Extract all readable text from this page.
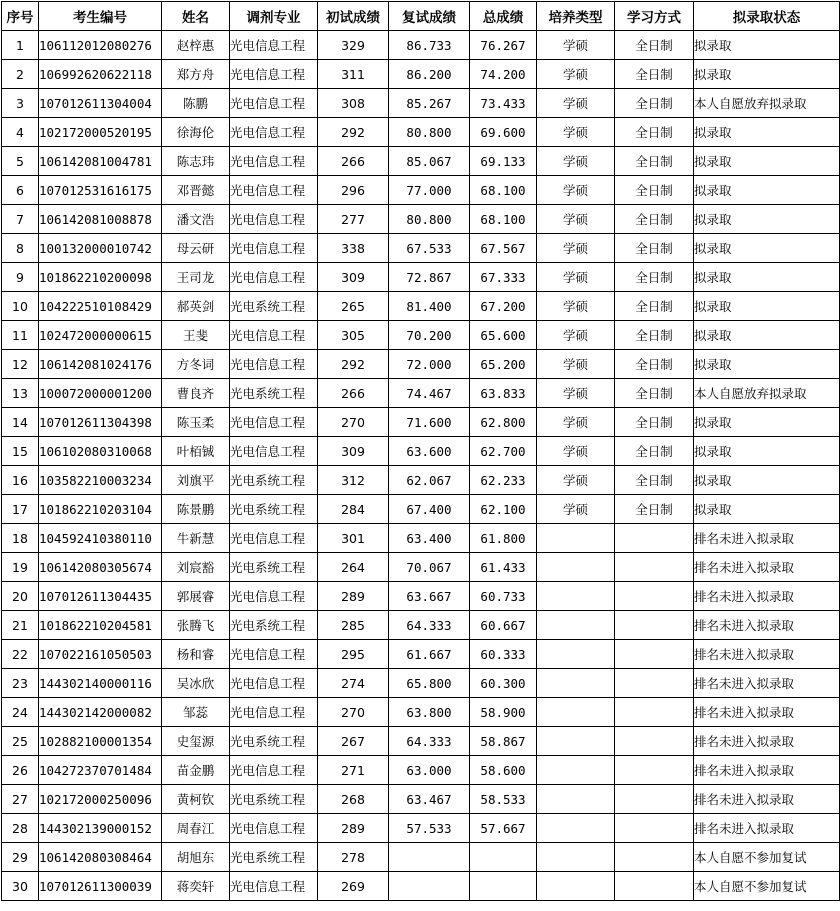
序号	考生编号	姓名	调剂专业	初试成绩	复试成绩	总成绩	培养类型	学习方式	拟录取状态
1	106112012080276	赵梓惠	光电信息工程	329	86.733	76.267	学硕	全日制	拟录取
2	106992620622118	郑方舟	光电信息工程	311	86.200	74.200	学硕	全日制	拟录取
3	107012611304004	陈鹏	光电信息工程	308	85.267	73.433	学硕	全日制	本人自愿放弃拟录取
4	102172000520195	徐海伦	光电信息工程	292	80.800	69.600	学硕	全日制	拟录取
5	106142081004781	陈志玮	光电信息工程	266	85.067	69.133	学硕	全日制	拟录取
6	107012531616175	邓晋懿	光电信息工程	296	77.000	68.100	学硕	全日制	拟录取
7	106142081008878	潘文浩	光电信息工程	277	80.800	68.100	学硕	全日制	拟录取
8	100132000010742	母云研	光电信息工程	338	67.533	67.567	学硕	全日制	拟录取
9	101862210200098	王司龙	光电信息工程	309	72.867	67.333	学硕	全日制	拟录取
10	104222510108429	郝英剑	光电系统工程	265	81.400	67.200	学硕	全日制	拟录取
11	102472000000615	王斐	光电信息工程	305	70.200	65.600	学硕	全日制	拟录取
12	106142081024176	方冬词	光电信息工程	292	72.000	65.200	学硕	全日制	拟录取
13	100072000001200	曹良齐	光电系统工程	266	74.467	63.833	学硕	全日制	本人自愿放弃拟录取
14	107012611304398	陈玉柔	光电信息工程	270	71.600	62.800	学硕	全日制	拟录取
15	106102080310068	叶栢铖	光电信息工程	309	63.600	62.700	学硕	全日制	拟录取
16	103582210003234	刘旗平	光电系统工程	312	62.067	62.233	学硕	全日制	拟录取
17	101862210203104	陈景鹏	光电系统工程	284	67.400	62.100	学硕	全日制	拟录取
18	104592410380110	牛新慧	光电信息工程	301	63.400	61.800			排名未进入拟录取
19	106142080305674	刘宸豁	光电系统工程	264	70.067	61.433			排名未进入拟录取
20	107012611304435	郭展睿	光电信息工程	289	63.667	60.733			排名未进入拟录取
21	101862210204581	张腾飞	光电系统工程	285	64.333	60.667			排名未进入拟录取
22	107022161050503	杨和睿	光电信息工程	295	61.667	60.333			排名未进入拟录取
23	144302140000116	吴冰欣	光电信息工程	274	65.800	60.300			排名未进入拟录取
24	144302142000082	邹蕊	光电信息工程	270	63.800	58.900			排名未进入拟录取
25	102882100001354	史玺源	光电系统工程	267	64.333	58.867			排名未进入拟录取
26	104272370701484	苗金鹏	光电信息工程	271	63.000	58.600			排名未进入拟录取
27	102172000250096	黄柯钦	光电系统工程	268	63.467	58.533			排名未进入拟录取
28	144302139000152	周春江	光电信息工程	289	57.533	57.667			排名未进入拟录取
29	106142080308464	胡旭东	光电系统工程	278					本人自愿不参加复试
30	107012611300039	蒋奕轩	光电信息工程	269					本人自愿不参加复试
